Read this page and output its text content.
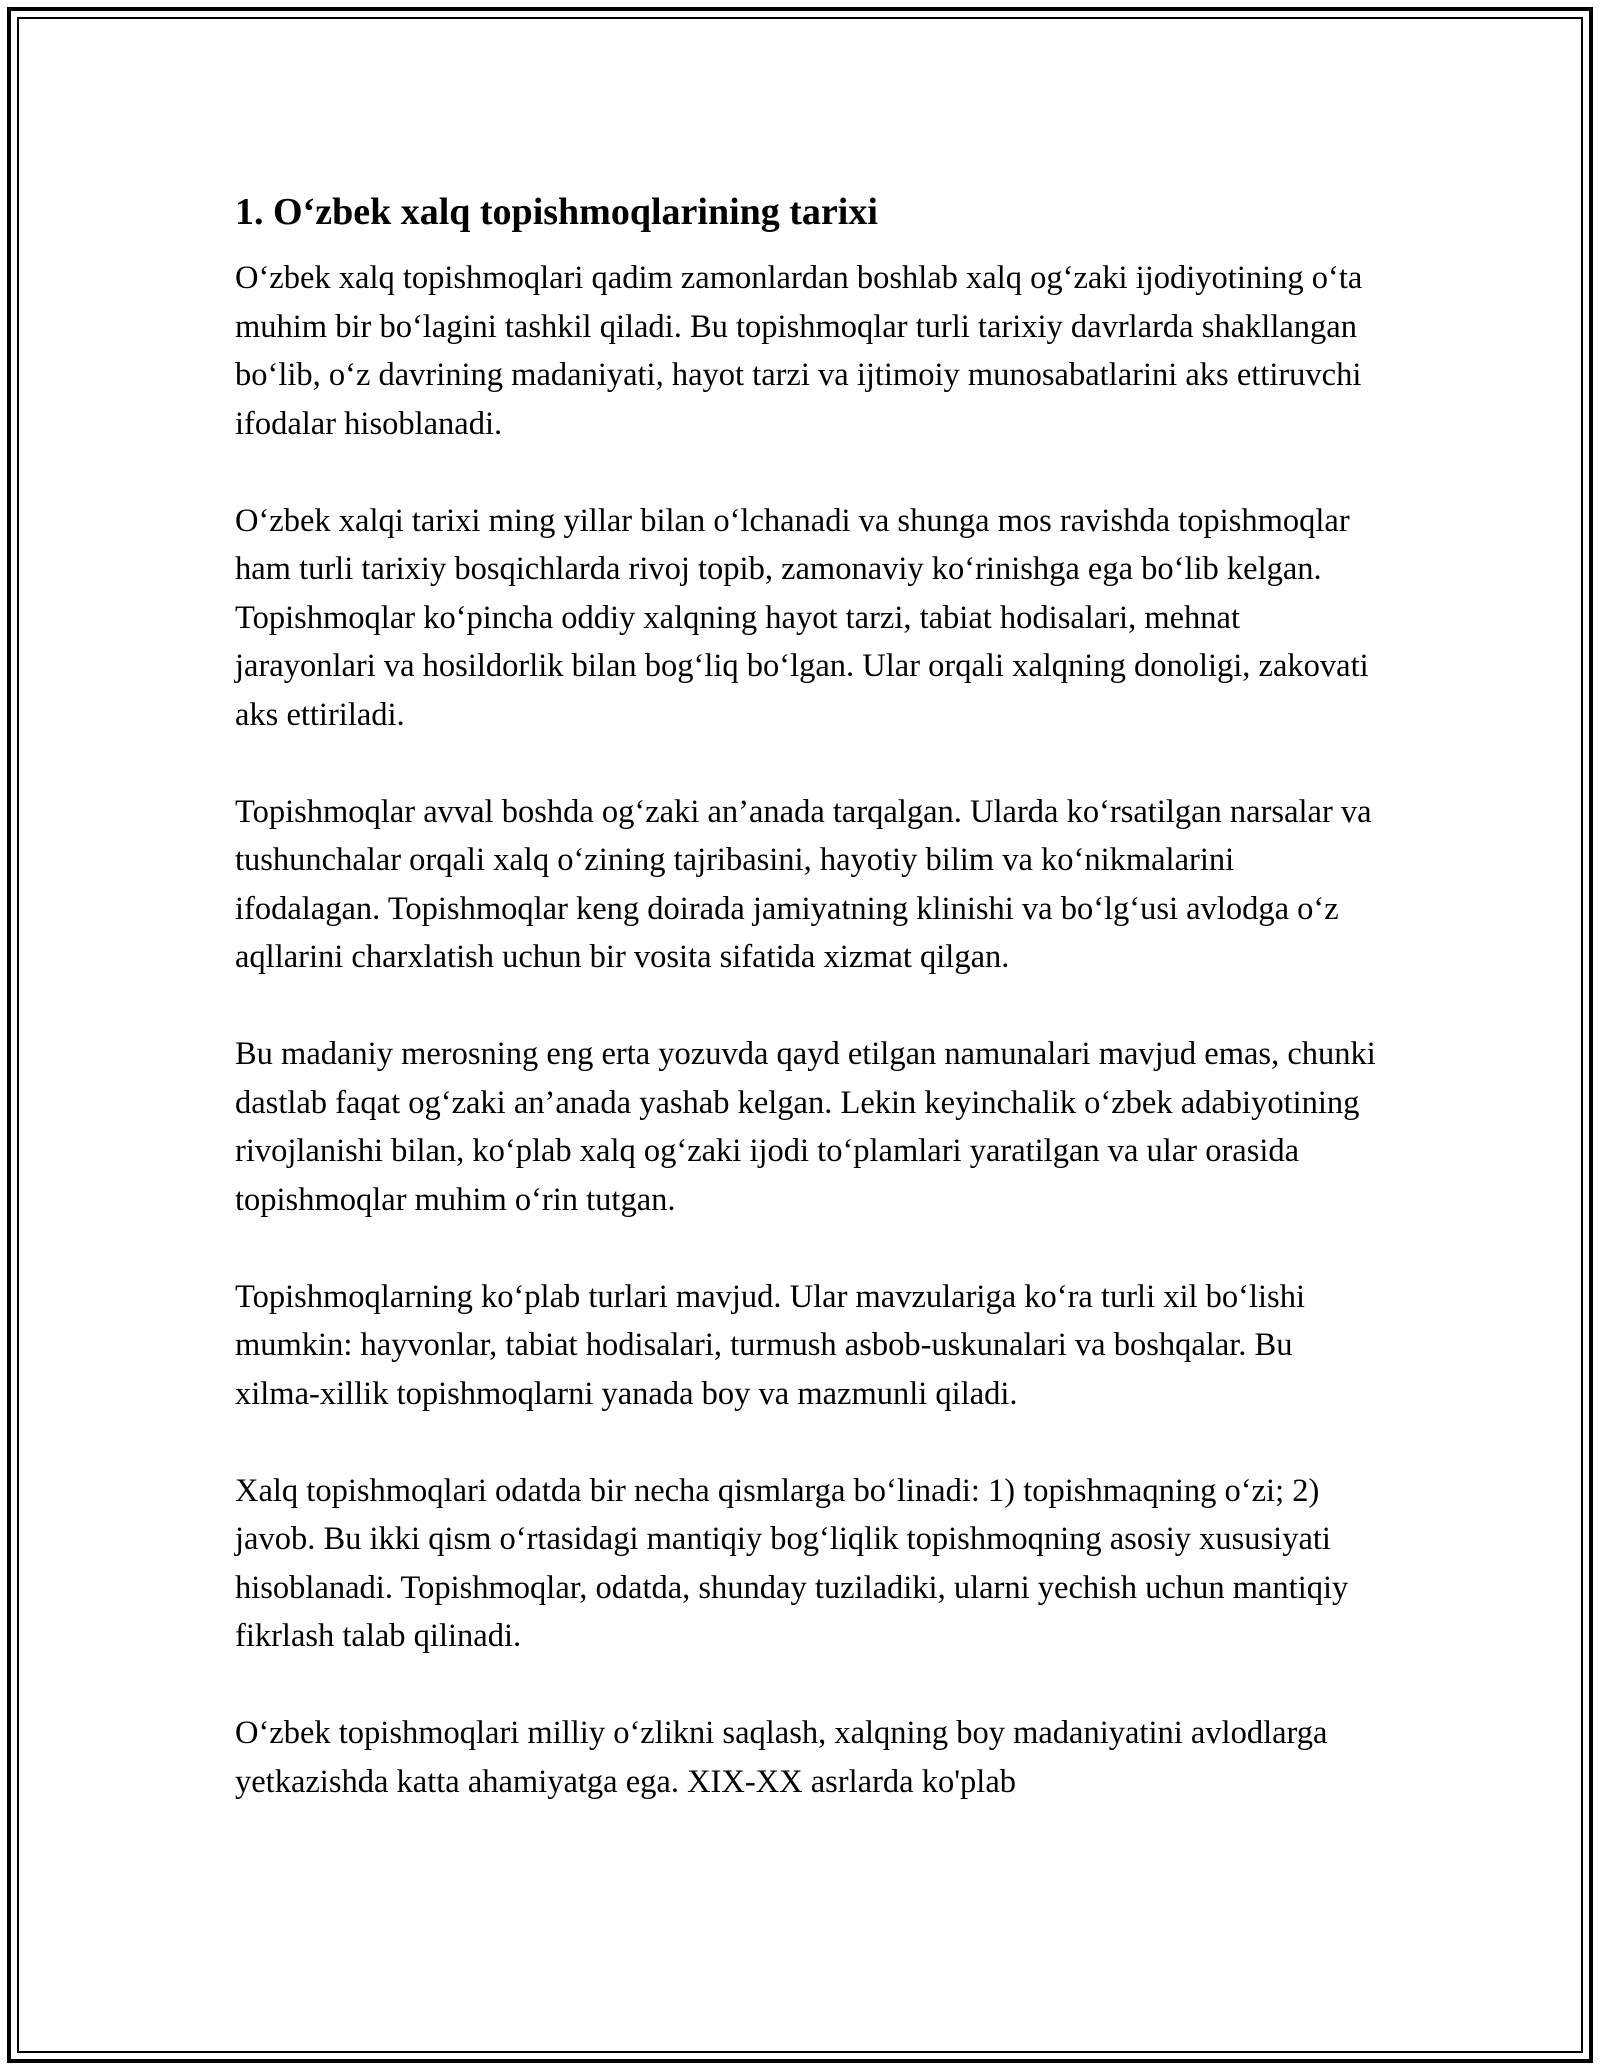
1. O‘zbek xalq topishmoqlarining tarixi

O‘zbek xalq topishmoqlari qadim zamonlardan boshlab xalq og‘zaki ijodiyotining o‘ta muhim bir bo‘lagini tashkil qiladi. Bu topishmoqlar turli tarixiy davrlarda shakllangan bo‘lib, o‘z davrining madaniyati, hayot tarzi va ijtimoiy munosabatlarini aks ettiruvchi ifodalar hisoblanadi.

O‘zbek xalqi tarixi ming yillar bilan o‘lchanadi va shunga mos ravishda topishmoqlar ham turli tarixiy bosqichlarda rivoj topib, zamonaviy ko‘rinishga ega bo‘lib kelgan. Topishmoqlar ko‘pincha oddiy xalqning hayot tarzi, tabiat hodisalari, mehnat jarayonlari va hosildorlik bilan bog‘liq bo‘lgan. Ular orqali xalqning donoligi, zakovati aks ettiriladi.

Topishmoqlar avval boshda og‘zaki an’anada tarqalgan. Ularda ko‘rsatilgan narsalar va tushunchalar orqali xalq o‘zining tajribasini, hayotiy bilim va ko‘nikmalarini ifodalagan. Topishmoqlar keng doirada jamiyatning klinishi va bo‘lg‘usi avlodga o‘z aqllarini charxlatish uchun bir vosita sifatida xizmat qilgan.

Bu madaniy merosning eng erta yozuvda qayd etilgan namunalari mavjud emas, chunki dastlab faqat og‘zaki an’anada yashab kelgan. Lekin keyinchalik o‘zbek adabiyotining rivojlanishi bilan, ko‘plab xalq og‘zaki ijodi to‘plamlari yaratilgan va ular orasida topishmoqlar muhim o‘rin tutgan.

Topishmoqlarning ko‘plab turlari mavjud. Ular mavzulariga ko‘ra turli xil bo‘lishi mumkin: hayvonlar, tabiat hodisalari, turmush asbob-uskunalari va boshqalar. Bu xilma-xillik topishmoqlarni yanada boy va mazmunli qiladi.

Xalq topishmoqlari odatda bir necha qismlarga bo‘linadi: 1) topishmaqning o‘zi; 2) javob. Bu ikki qism o‘rtasidagi mantiqiy bog‘liqlik topishmoqning asosiy xususiyati hisoblanadi. Topishmoqlar, odatda, shunday tuziladiki, ularni yechish uchun mantiqiy fikrlash talab qilinadi.

O‘zbek topishmoqlari milliy o‘zlikni saqlash, xalqning boy madaniyatini avlodlarga yetkazishda katta ahamiyatga ega. XIX-XX asrlarda ko'plab
